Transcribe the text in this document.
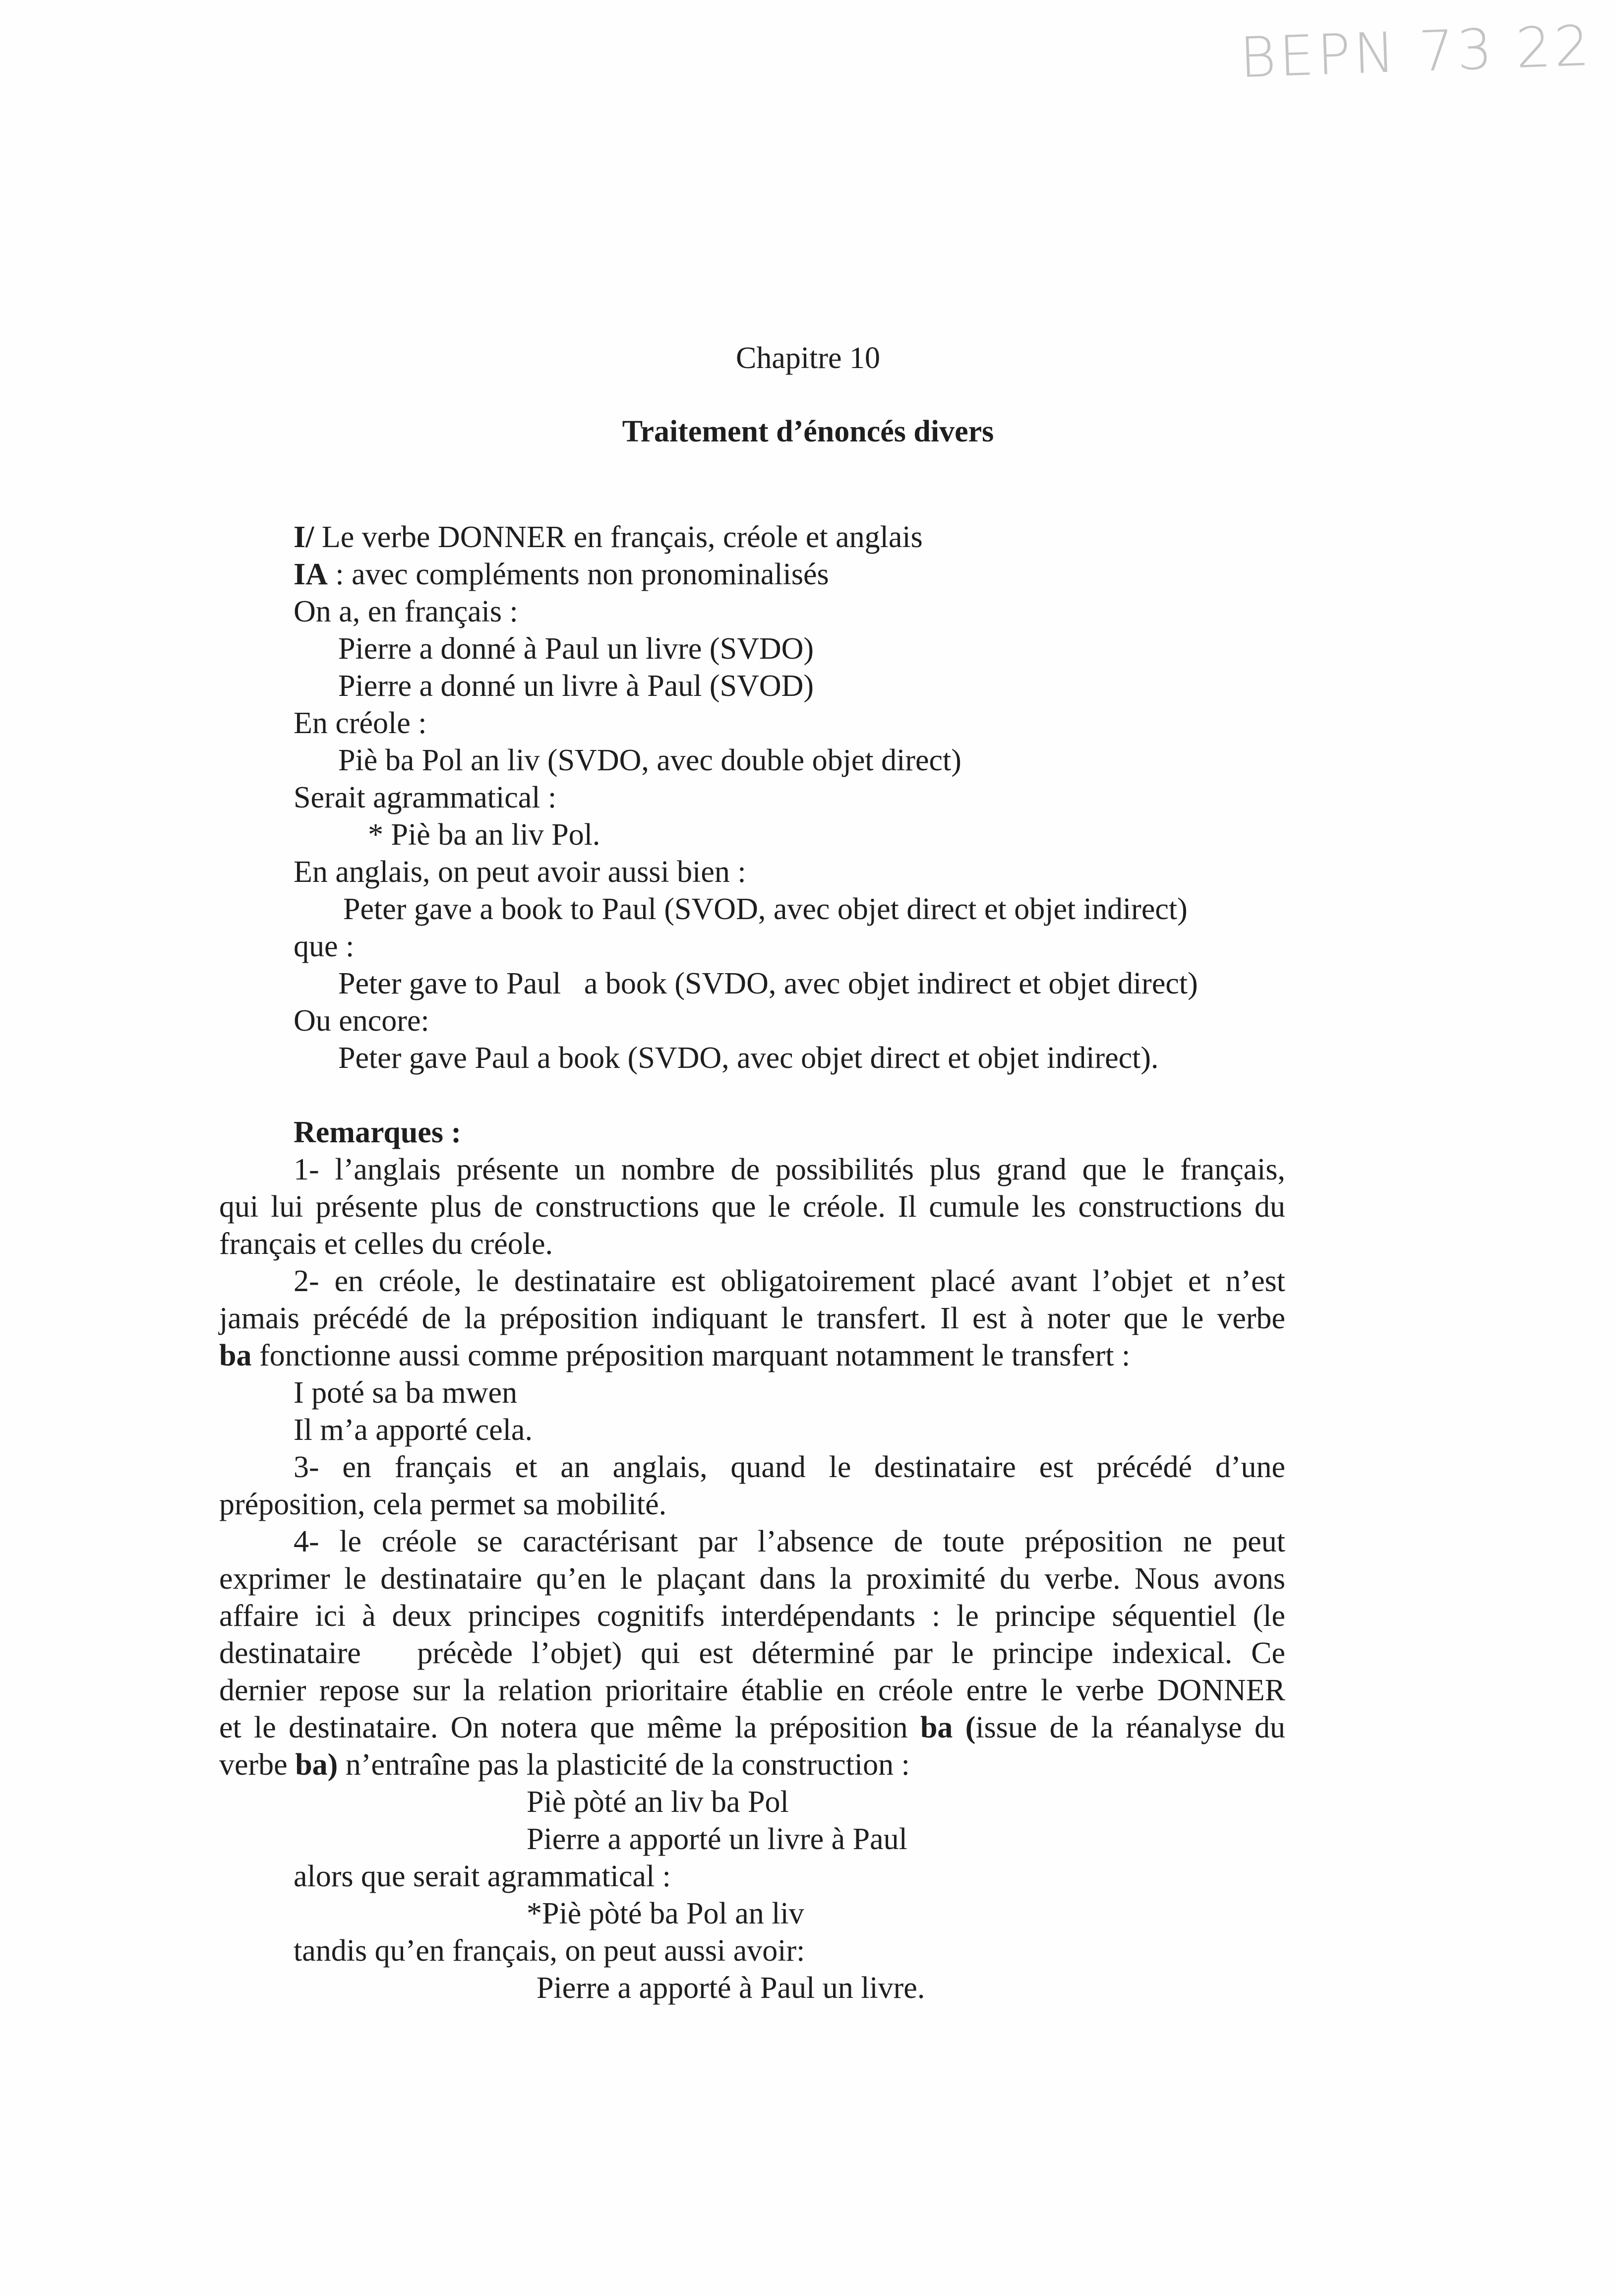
BEPN 73 22
Chapitre 10
Traitement d’énoncés divers
I/ Le verbe DONNER en français, créole et anglais
IA : avec compléments non pronominalisés
On a, en français :
Pierre a donné à Paul un livre (SVDO)
Pierre a donné un livre à Paul (SVOD)
En créole :
Piè ba Pol an liv (SVDO, avec double objet direct)
Serait agrammatical :
* Piè ba an liv Pol.
En anglais, on peut avoir aussi bien :
Peter gave a book to Paul (SVOD, avec objet direct et objet indirect)
que :
Peter gave to Paul   a book (SVDO, avec objet indirect et objet direct)
Ou encore:
Peter gave Paul a book (SVDO, avec objet direct et objet indirect).
Remarques :
1- l’anglais présente un nombre de possibilités plus grand que le français,
qui lui présente plus de constructions que le créole. Il cumule les constructions du
français et celles du créole.
2- en créole, le destinataire est obligatoirement placé avant l’objet et n’est
jamais précédé de la préposition indiquant le transfert. Il est à noter que le verbe
ba fonctionne aussi comme préposition marquant notamment le transfert :
I poté sa ba mwen
Il m’a apporté cela.
3- en français et an anglais, quand le destinataire est précédé d’une
préposition, cela permet sa mobilité.
4- le créole se caractérisant par l’absence de toute préposition ne peut
exprimer le destinataire qu’en le plaçant dans la proximité du verbe. Nous avons
affaire ici à deux principes cognitifs interdépendants : le principe séquentiel (le
destinataire   précède l’objet) qui est déterminé par le principe indexical. Ce
dernier repose sur la relation prioritaire établie en créole entre le verbe DONNER
et le destinataire. On notera que même la préposition ba (issue de la réanalyse du
verbe ba) n’entraîne pas la plasticité de la construction :
Piè pòté an liv ba Pol
Pierre a apporté un livre à Paul
alors que serait agrammatical :
*Piè pòté ba Pol an liv
tandis qu’en français, on peut aussi avoir:
Pierre a apporté à Paul un livre.
